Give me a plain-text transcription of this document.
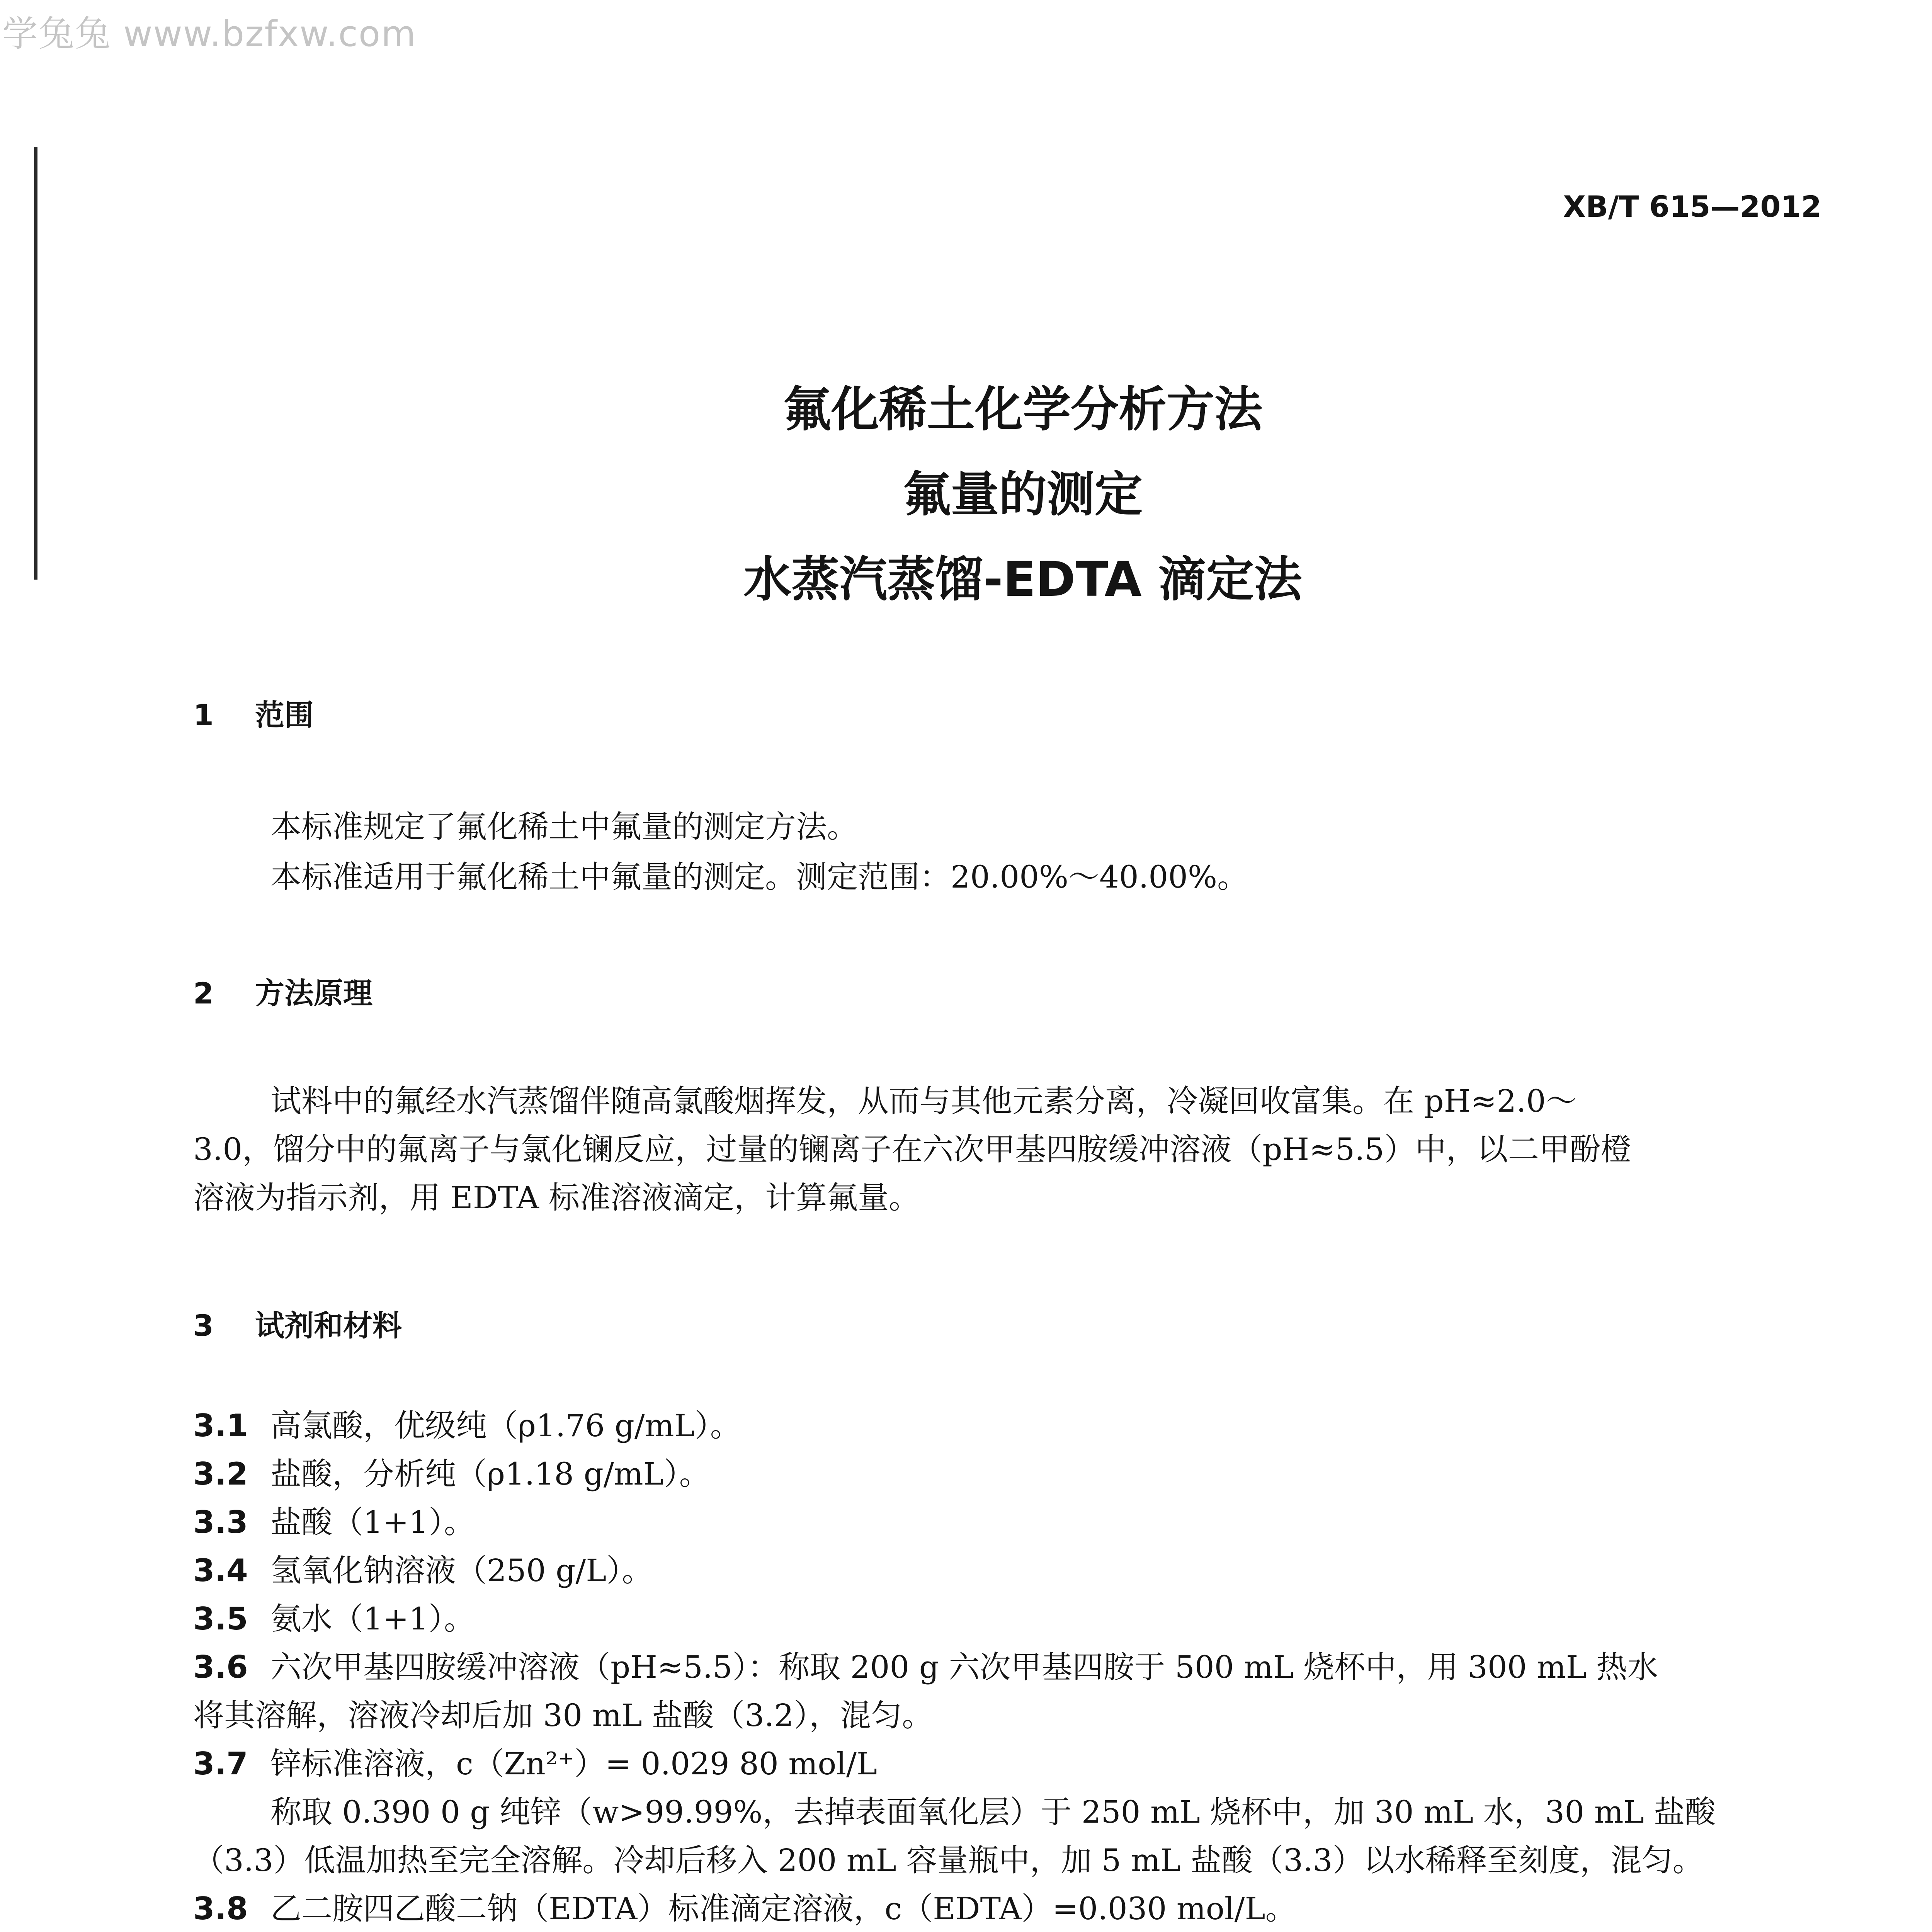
学兔兔 www.bzfxw.com
XB/T 615—2012
氟化稀土化学分析方法
氟量的测定
水蒸汽蒸馏-EDTA 滴定法
1 范围
本标准规定了氟化稀土中氟量的测定方法。
本标准适用于氟化稀土中氟量的测定。测定范围：20.00%～40.00%。
2 方法原理
试料中的氟经水汽蒸馏伴随高氯酸烟挥发，从而与其他元素分离，冷凝回收富集。在 pH≈2.0～
3.0，馏分中的氟离子与氯化镧反应，过量的镧离子在六次甲基四胺缓冲溶液（pH≈5.5）中，以二甲酚橙
溶液为指示剂，用 EDTA 标准溶液滴定，计算氟量。
3 试剂和材料
3.1 高氯酸，优级纯（ρ1.76 g/mL）。
3.2 盐酸，分析纯（ρ1.18 g/mL）。
3.3 盐酸（1+1）。
3.4 氢氧化钠溶液（250 g/L）。
3.5 氨水（1+1）。
3.6 六次甲基四胺缓冲溶液（pH≈5.5）：称取 200 g 六次甲基四胺于 500 mL 烧杯中，用 300 mL 热水
将其溶解，溶液冷却后加 30 mL 盐酸（3.2），混匀。
3.7 锌标准溶液，c（Zn²⁺）= 0.029 80 mol/L
称取 0.390 0 g 纯锌（w>99.99%，去掉表面氧化层）于 250 mL 烧杯中，加 30 mL 水，30 mL 盐酸
（3.3）低温加热至完全溶解。冷却后移入 200 mL 容量瓶中，加 5 mL 盐酸（3.3）以水稀释至刻度，混匀。
3.8 乙二胺四乙酸二钠（EDTA）标准滴定溶液，c（EDTA）=0.030 mol/L。
